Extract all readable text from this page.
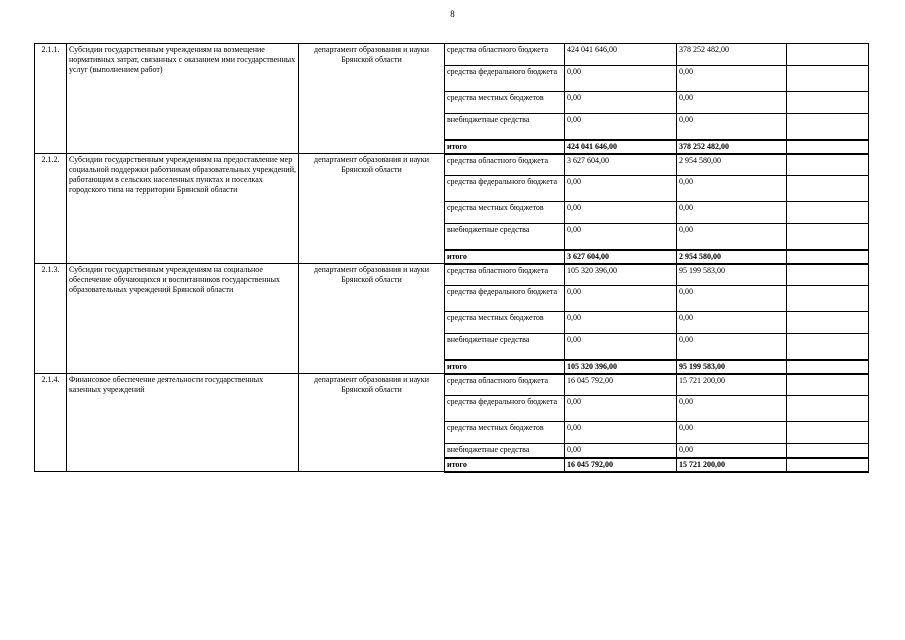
8
2.1.1.	Субсидии государственным учреждениям на возмещение нормативных затрат, связанных с оказанием ими государственных услуг (выполнением работ)	департамент образования и науки Брянской области	средства областного бюджета	424 041 646,00	378 252 482,00	
			средства федерального бюджета	0,00	0,00	
			средства местных бюджетов	0,00	0,00	
			внебюджетные средства	0,00	0,00	
			итого	424 041 646,00	378 252 482,00	
2.1.2.	Субсидии государственным учреждениям на предоставление мер социальной поддержки работникам образовательных учреждений, работающим в сельских населенных пунктах и поселках городского типа на территории Брянской области	департамент образования и науки Брянской области	средства областного бюджета	3 627 604,00	2 954 580,00	
			средства федерального бюджета	0,00	0,00	
			средства местных бюджетов	0,00	0,00	
			внебюджетные средства	0,00	0,00	
			итого	3 627 604,00	2 954 580,00	
2.1.3.	Субсидии государственным учреждениям на социальное обеспечение обучающихся и воспитанников государственных образовательных учреждений Брянской области	департамент образования и науки Брянской области	средства областного бюджета	105 320 396,00	95 199 583,00	
			средства федерального бюджета	0,00	0,00	
			средства местных бюджетов	0,00	0,00	
			внебюджетные средства	0,00	0,00	
			итого	105 320 396,00	95 199 583,00	
2.1.4.	Финансовое обеспечение деятельности государственных казенных учреждений	департамент образования и науки Брянской области	средства областного бюджета	16 045 792,00	15 721 200,00	
			средства федерального бюджета	0,00	0,00	
			средства местных бюджетов	0,00	0,00	
			внебюджетные средства	0,00	0,00	
			итого	16 045 792,00	15 721 200,00	
